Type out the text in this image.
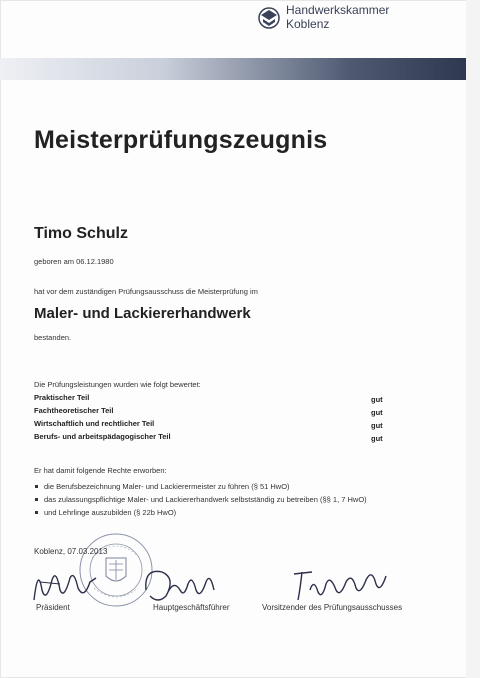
Handwerkskammer
Koblenz
Meisterprüfungszeugnis
Timo Schulz
geboren am 06.12.1980
hat vor dem zuständigen Prüfungsausschuss die Meisterprüfung im
Maler- und Lackiererhandwerk
bestanden.
Die Prüfungsleistungen wurden wie folgt bewertet:
Praktischer Teil	gut
Fachtheoretischer Teil	gut
Wirtschaftlich und rechtlicher Teil	gut
Berufs- und arbeitspädagogischer Teil	gut
Er hat damit folgende Rechte erworben:
die Berufsbezeichnung Maler- und Lackierermeister zu führen (§ 51 HwO)
das zulassungspflichtige Maler- und Lackiererhandwerk selbstständig zu betreiben (§§ 1, 7 HwO)
und Lehrlinge auszubilden (§ 22b HwO)
Koblenz, 07.03.2013
Präsident	Hauptgeschäftsführer	Vorsitzender des Prüfungsausschusses
